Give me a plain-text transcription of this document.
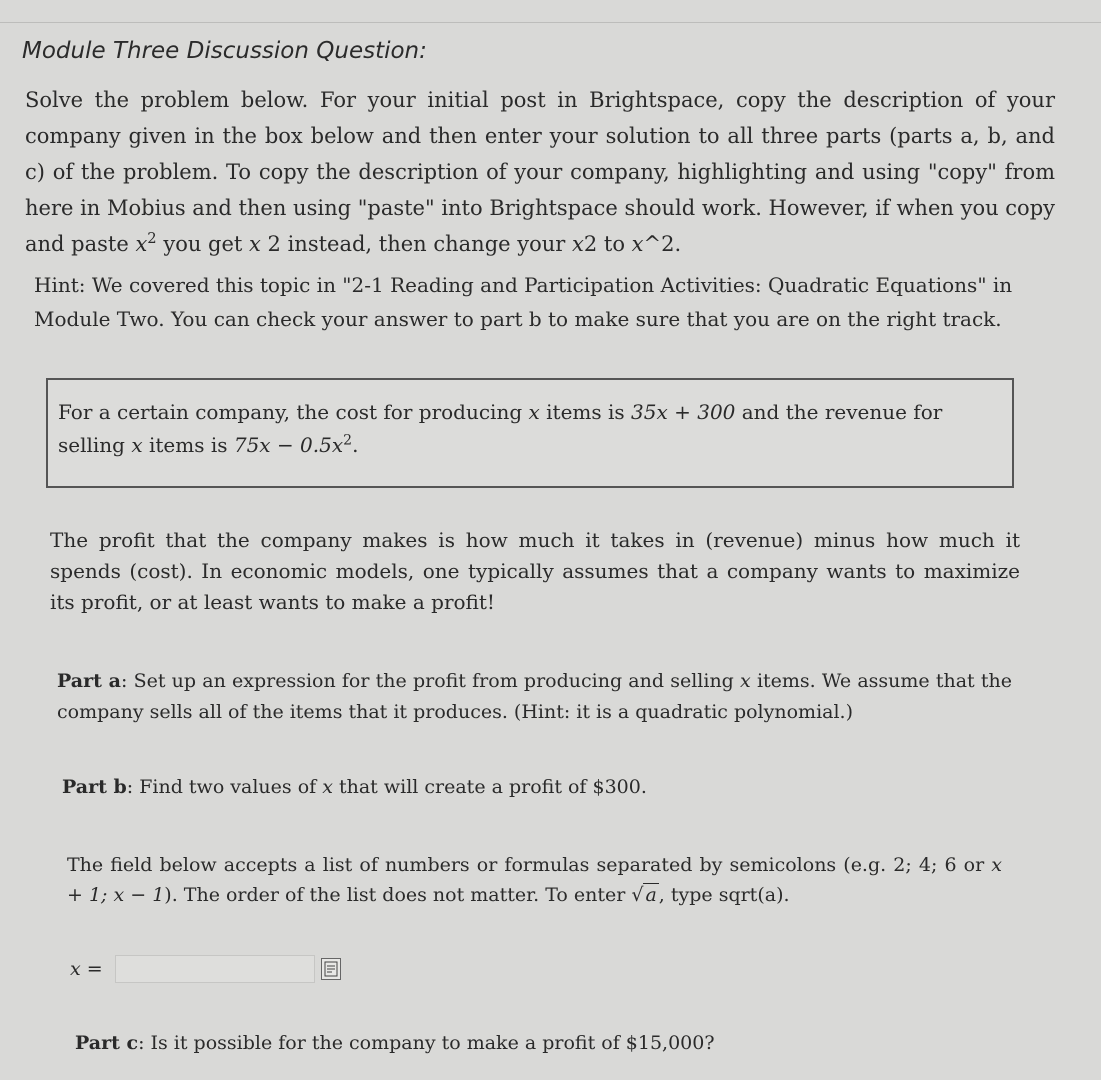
Module Three Discussion Question:
Solve the problem below. For your initial post in Brightspace, copy the description of your company given in the box below and then enter your solution to all three parts (parts a, b, and c) of the problem. To copy the description of your company, highlighting and using "copy" from here in Mobius and then using "paste" into Brightspace should work. However, if when you copy and paste $x^2$ you get x 2 instead, then change your x2 to x^2.
Hint: We covered this topic in "2-1 Reading and Participation Activities: Quadratic Equations" in Module Two. You can check your answer to part b to make sure that you are on the right track.
For a certain company, the cost for producing x items is 35x + 300 and the revenue for selling x items is $75x - 0.5x^2$.
The profit that the company makes is how much it takes in (revenue) minus how much it spends (cost). In economic models, one typically assumes that a company wants to maximize its profit, or at least wants to make a profit!
Part a: Set up an expression for the profit from producing and selling x items. We assume that the company sells all of the items that it produces. (Hint: it is a quadratic polynomial.)
Part b: Find two values of x that will create a profit of $300.
The field below accepts a list of numbers or formulas separated by semicolons (e.g. 2; 4; 6 or x + 1; x − 1). The order of the list does not matter. To enter √ a , type sqrt(a).
x =
Part c: Is it possible for the company to make a profit of $15,000?
